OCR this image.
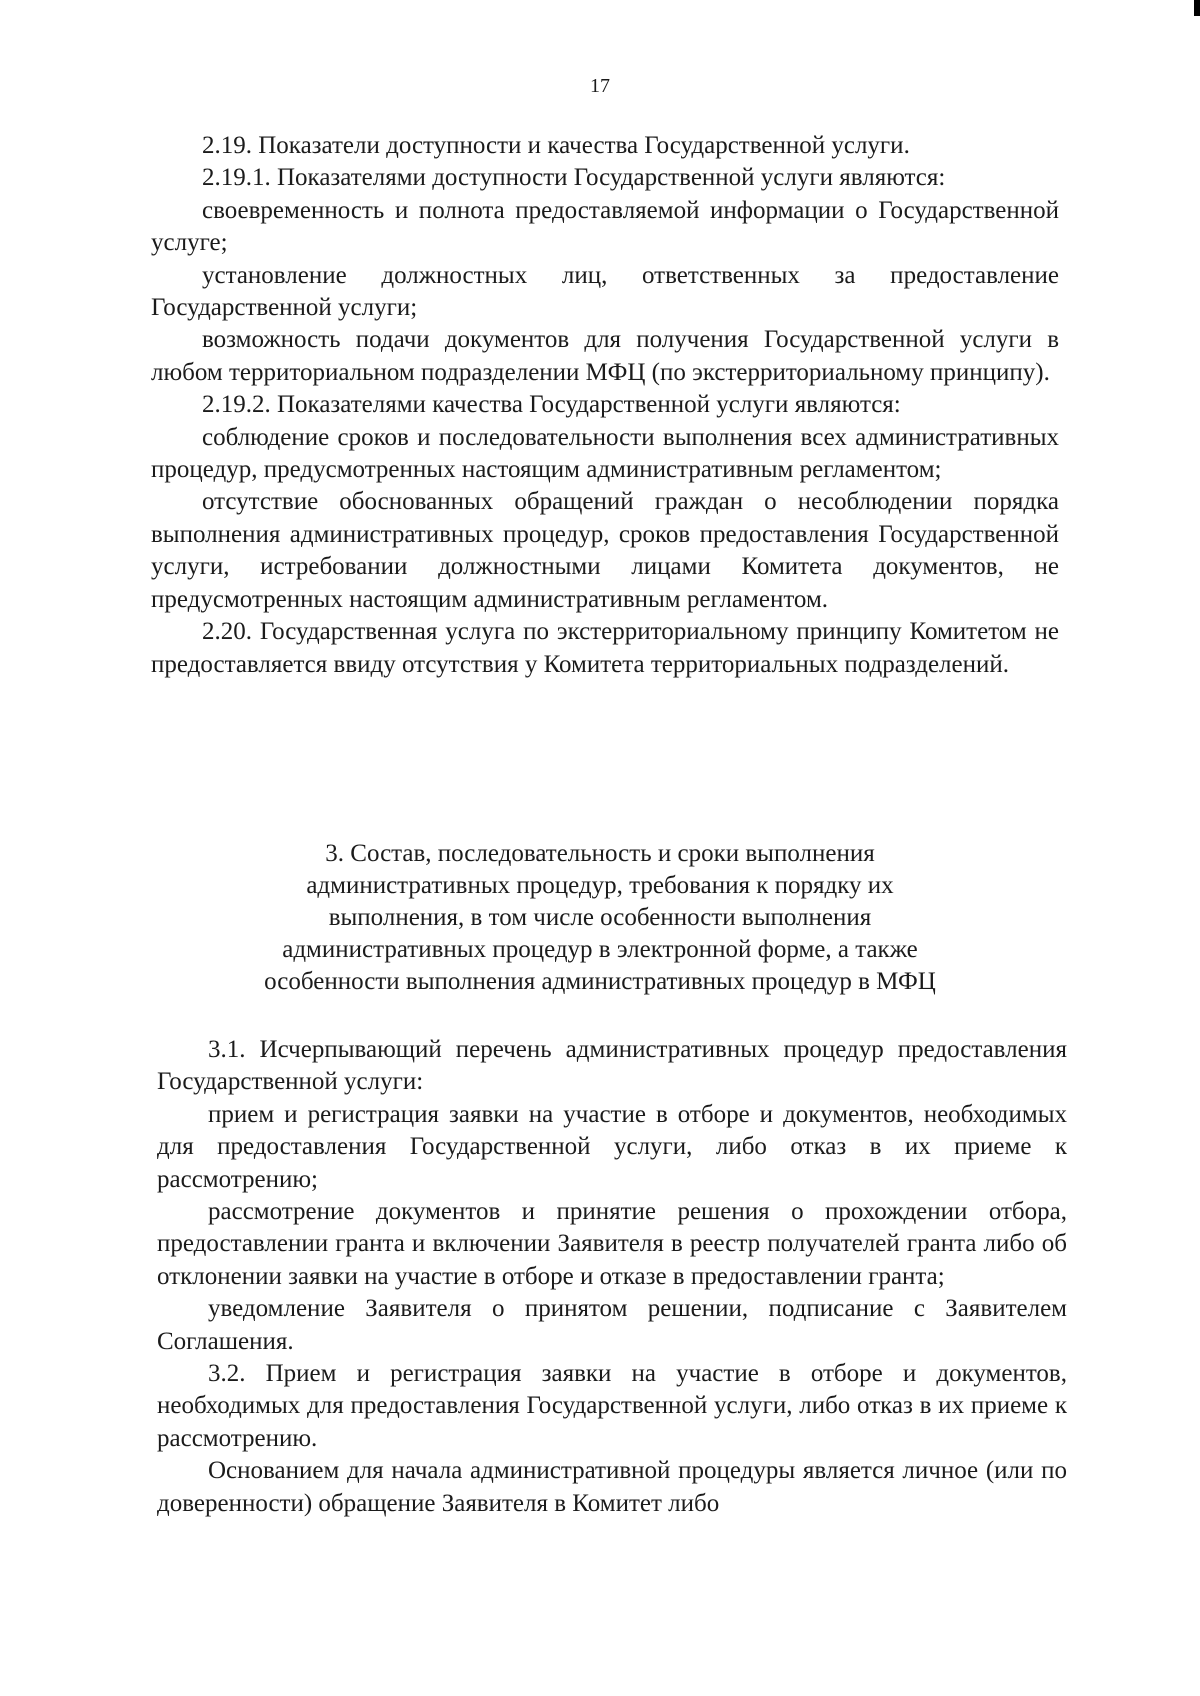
17

2.19. Показатели доступности и качества Государственной услуги.

2.19.1. Показателями доступности Государственной услуги являются:

своевременность и полнота предоставляемой информации о Государственной услуге;

установление должностных лиц, ответственных за предоставление Государственной услуги;

возможность подачи документов для получения Государственной услуги в любом территориальном подразделении МФЦ (по экстерриториальному принципу).

2.19.2. Показателями качества Государственной услуги являются:

соблюдение сроков и последовательности выполнения всех административных процедур, предусмотренных настоящим административным регламентом;

отсутствие обоснованных обращений граждан о несоблюдении порядка выполнения административных процедур, сроков предоставления Государственной услуги, истребовании должностными лицами Комитета документов, не предусмотренных настоящим административным регламентом.

2.20. Государственная услуга по экстерриториальному принципу Комитетом не предоставляется ввиду отсутствия у Комитета территориальных подразделений.

3. Состав, последовательность и сроки выполнения
административных процедур, требования к порядку их
выполнения, в том числе особенности выполнения
административных процедур в электронной форме, а также
особенности выполнения административных процедур в МФЦ

3.1. Исчерпывающий перечень административных процедур предоставления Государственной услуги:

прием и регистрация заявки на участие в отборе и документов, необходимых для предоставления Государственной услуги, либо отказ в их приеме к рассмотрению;

рассмотрение документов и принятие решения о прохождении отбора, предоставлении гранта и включении Заявителя в реестр получателей гранта либо об отклонении заявки на участие в отборе и отказе в предоставлении гранта;

уведомление Заявителя о принятом решении, подписание с Заявителем Соглашения.

3.2. Прием и регистрация заявки на участие в отборе и документов, необходимых для предоставления Государственной услуги, либо отказ в их приеме к рассмотрению.

Основанием для начала административной процедуры является личное (или по доверенности) обращение Заявителя в Комитет либо
